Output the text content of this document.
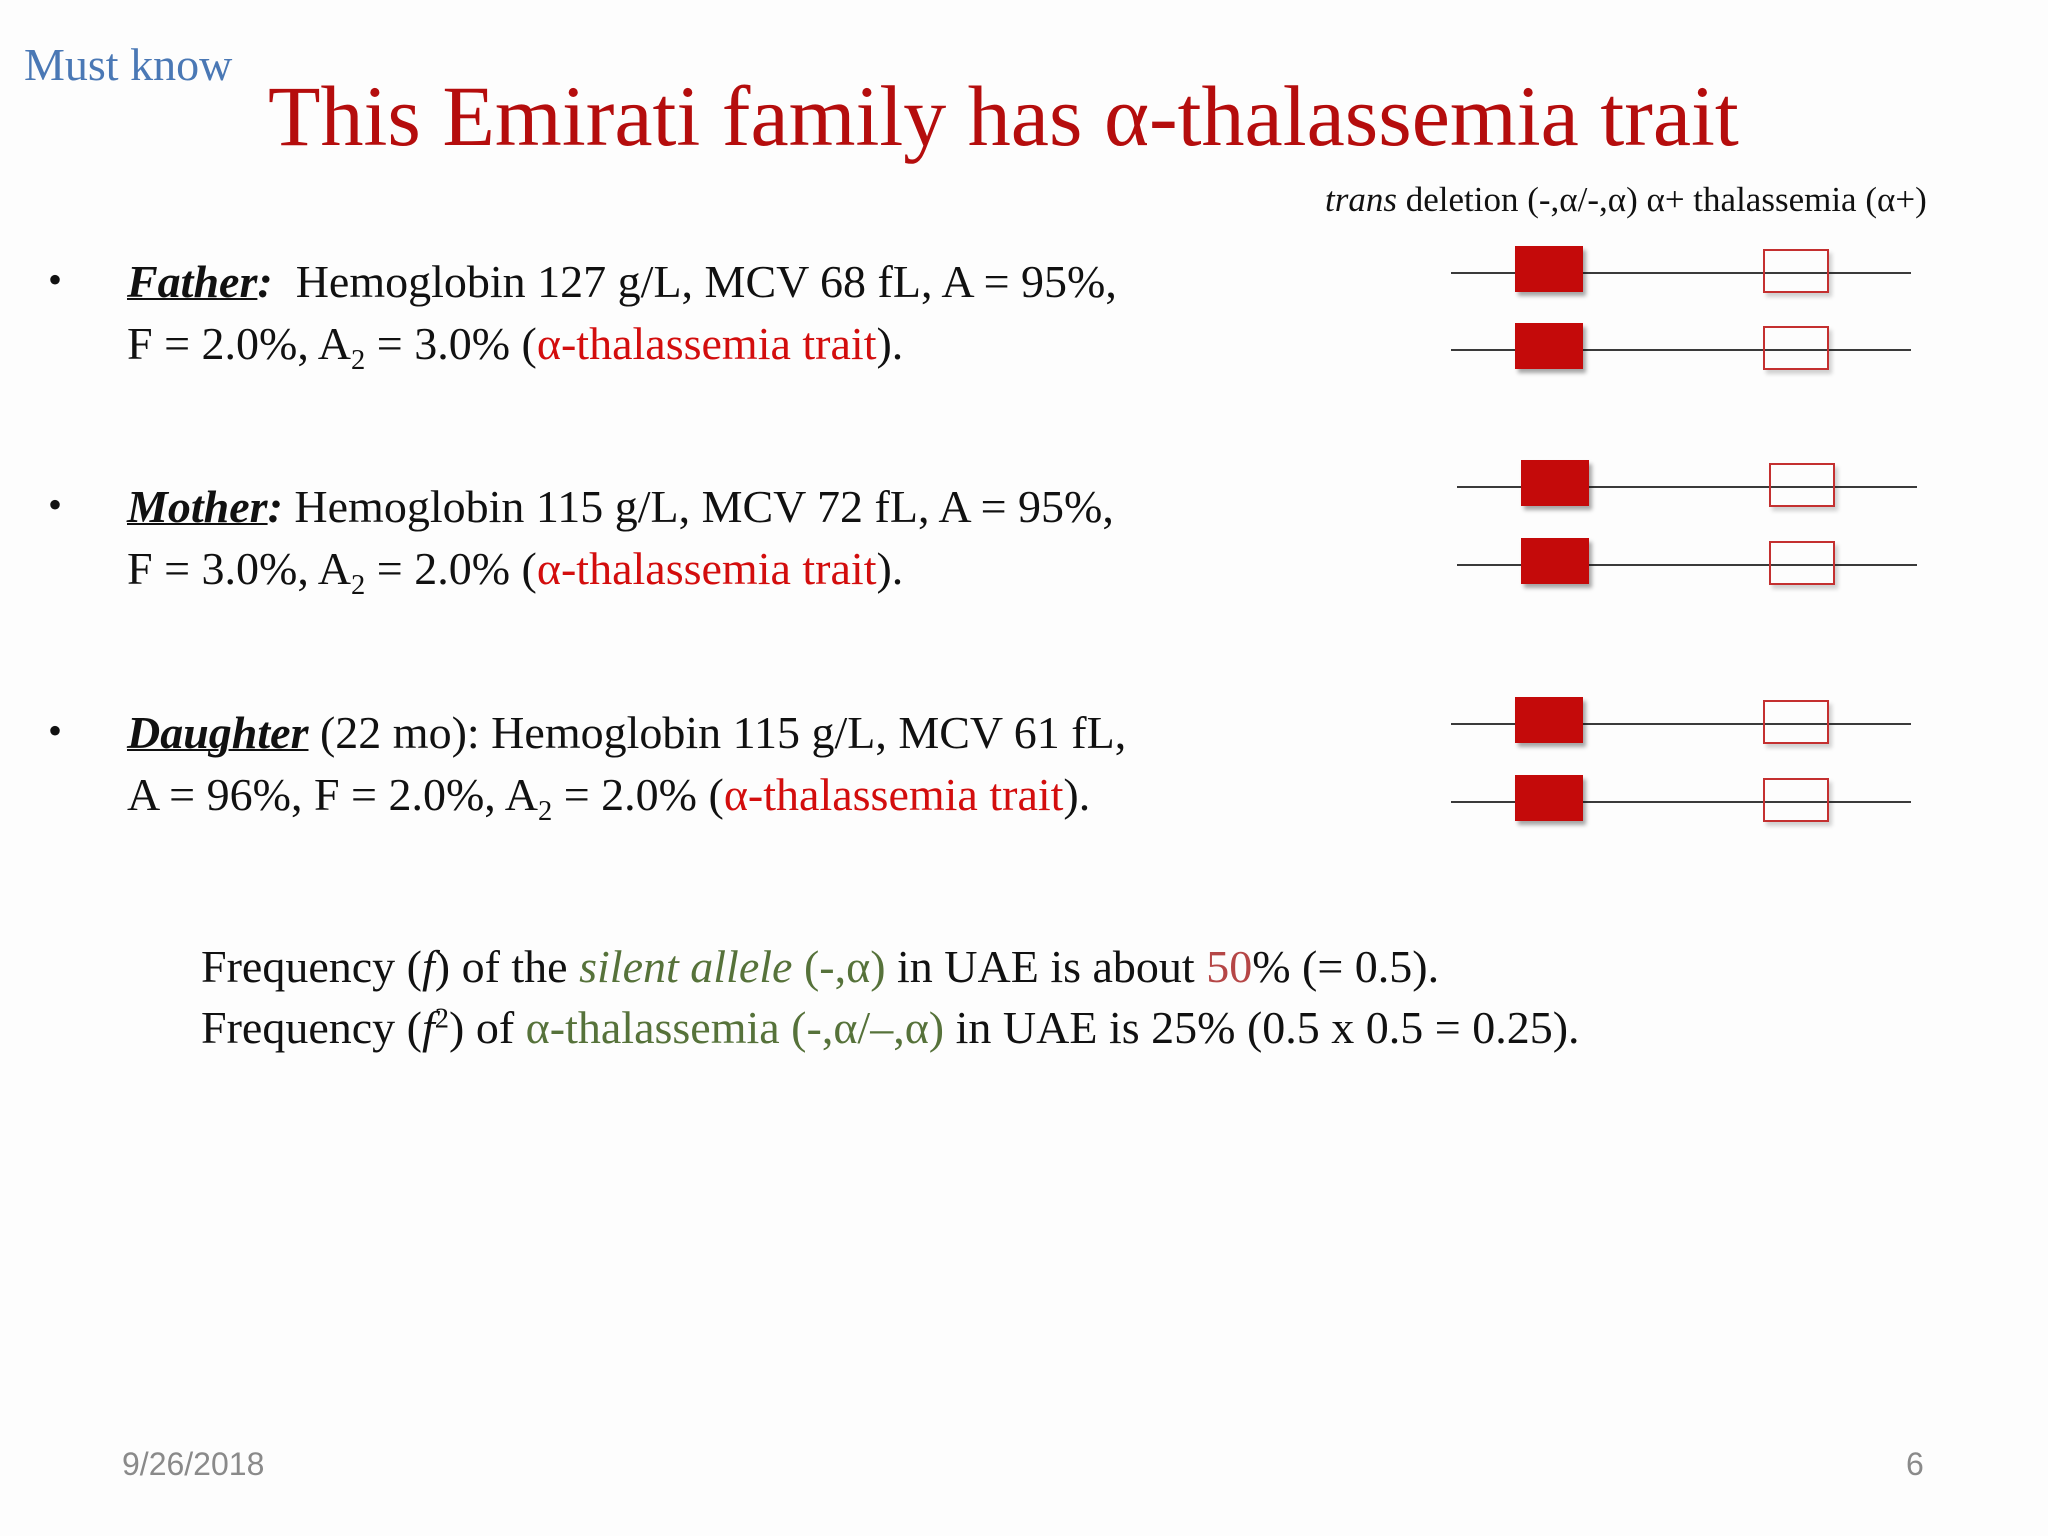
Must know
This Emirati family has α-thalassemia trait
trans deletion (-,α/-,α) α+ thalassemia (α+)
• Father:  Hemoglobin 127 g/L, MCV 68 fL, A = 95%,
F = 2.0%, $A_2 = 3.0\%$ (α-thalassemia trait).
• Mother: Hemoglobin 115 g/L, MCV 72 fL, A = 95%,
F = 3.0%, $A_2 = 2.0\%$ (α-thalassemia trait).
• Daughter (22 mo): Hemoglobin 115 g/L, MCV 61 fL,
A = 96%, F = 2.0%, $A_2 = 2.0\%$ (α-thalassemia trait).
Frequency (f) of the silent allele (-,α) in UAE is about 50% (= 0.5).
Frequency $(f^2)$ of α-thalassemia (-,α/–,α) in UAE is 25% (0.5 x 0.5 = 0.25).
9/26/2018	6
